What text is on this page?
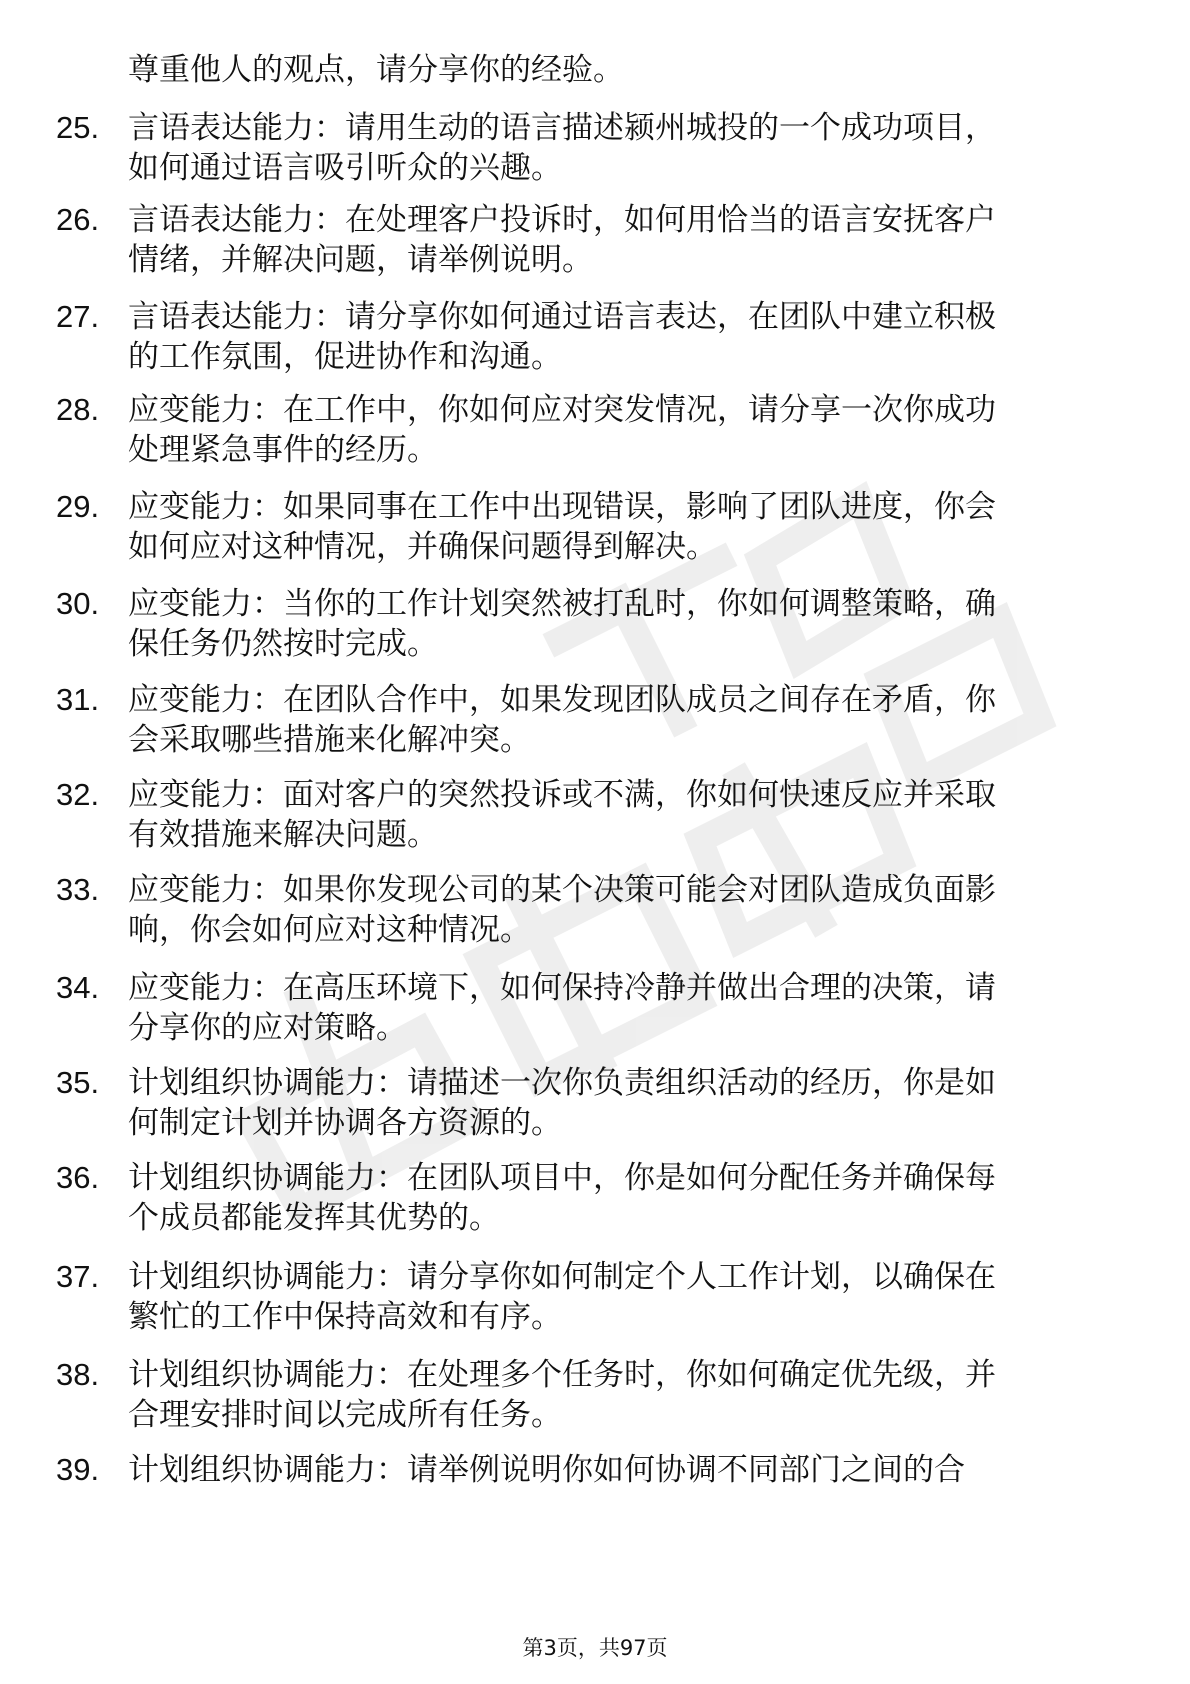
尊重他人的观点，请分享你的经验。
25. 言语表达能力：请用生动的语言描述颍州城投的一个成功项目，
如何通过语言吸引听众的兴趣。
26. 言语表达能力：在处理客户投诉时，如何用恰当的语言安抚客户
情绪，并解决问题，请举例说明。
27. 言语表达能力：请分享你如何通过语言表达，在团队中建立积极
的工作氛围，促进协作和沟通。
28. 应变能力：在工作中，你如何应对突发情况，请分享一次你成功
处理紧急事件的经历。
29. 应变能力：如果同事在工作中出现错误，影响了团队进度，你会
如何应对这种情况，并确保问题得到解决。
30. 应变能力：当你的工作计划突然被打乱时，你如何调整策略，确
保任务仍然按时完成。
31. 应变能力：在团队合作中，如果发现团队成员之间存在矛盾，你
会采取哪些措施来化解冲突。
32. 应变能力：面对客户的突然投诉或不满，你如何快速反应并采取
有效措施来解决问题。
33. 应变能力：如果你发现公司的某个决策可能会对团队造成负面影
响，你会如何应对这种情况。
34. 应变能力：在高压环境下，如何保持冷静并做出合理的决策，请
分享你的应对策略。
35. 计划组织协调能力：请描述一次你负责组织活动的经历，你是如
何制定计划并协调各方资源的。
36. 计划组织协调能力：在团队项目中，你是如何分配任务并确保每
个成员都能发挥其优势的。
37. 计划组织协调能力：请分享你如何制定个人工作计划，以确保在
繁忙的工作中保持高效和有序。
38. 计划组织协调能力：在处理多个任务时，你如何确定优先级，并
合理安排时间以完成所有任务。
39. 计划组织协调能力：请举例说明你如何协调不同部门之间的合
第3页，共97页
